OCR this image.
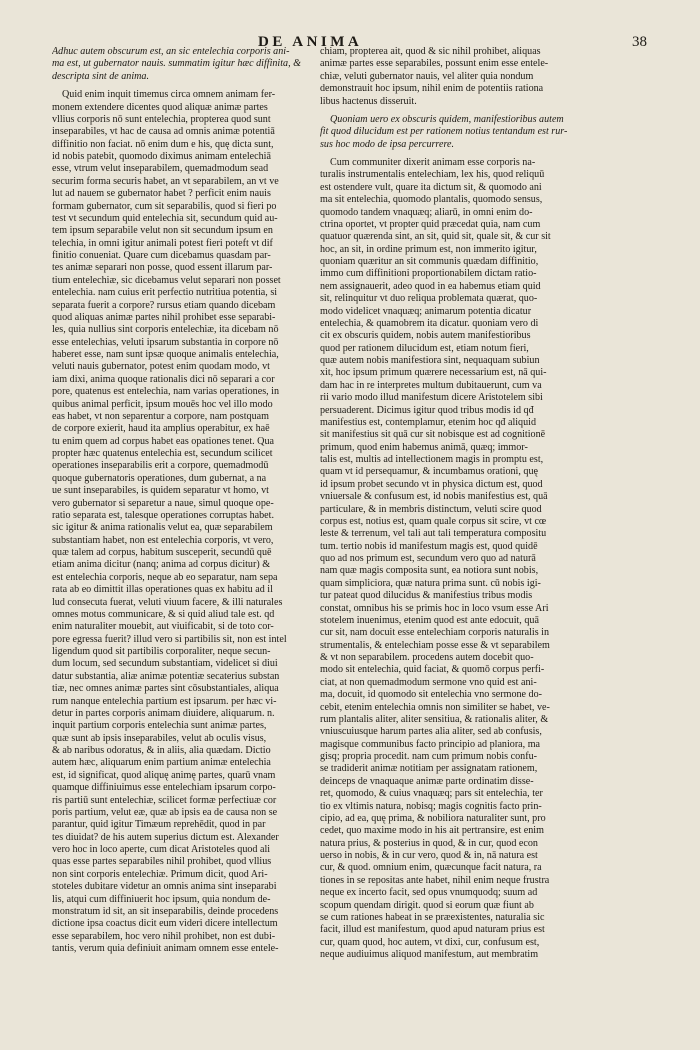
DE ANIMA	38
Adhuc autem obscurum est, an sic entelechia corporis ani-
ma est, ut gubernator nauis. summatim igitur hæc diffinita, &
descripta sint de anima.
Quid enim inquit timemus circa omnem animam fer-
monem extendere dicentes quod aliquæ animæ partes
vllius corporis nō sunt entelechia, propterea quod sunt
inseparabiles, vt hac de causa ad omnis animæ potentiā
diffinitio non faciat. nō enim dum e his, quę dicta sunt,
id nobis patebit, quomodo diximus animam entelechiā
esse, vtrum velut inseparabilem, quemadmodum sead
securim forma securis habet, an vt separabilem, an vt ve
lut ad nauem se gubernator habet ? perficit enim nauis
formam gubernator, cum sit separabilis, quod si fieri po
test vt secundum quid entelechia sit, secundum quid au-
tem ipsum separabile velut non sit secundum ipsum en
telechia, in omni igitur animali potest fieri poteft vt dif
finitio conueniat. Quare cum dicebamus quasdam par-
tes animæ separari non posse, quod essent illarum par-
tium entelechiæ, sic dicebamus velut separari non posset
entelechia. nam cuius erit perfectio nutritiua potentia, si
separata fuerit a corpore? rursus etiam quando dicebam
quod aliquas animæ partes nihil prohibet esse separabi-
les, quia nullius sint corporis entelechiæ, ita dicebam nō
esse entelechias, veluti ipsarum substantia in corpore nō
haberet esse, nam sunt ipsæ quoque animalis entelechia,
veluti nauis gubernator, potest enim quodam modo, vt
iam dixi, anima quoque rationalis dici nō separari a cor
pore, quatenus est entelechia, nam varias operationes, in
quibus animal perficit, ipsum mouēs hoc vel illo modo
eas habet, vt non separentur a corpore, nam postquam
de corpore exierit, haud ita amplius operabitur, ex haē
tu enim quem ad corpus habet eas opationes tenet. Qua
propter hæc quatenus entelechia est, secundum scilicet
operationes inseparabilis erit a corpore, quemadmodū
quoque gubernatoris operationes, dum gubernat, a na
ue sunt inseparabiles, is quidem separatur vt homo, vt
vero gubernator si separetur a naue, simul quoque ope-
ratio separata est, talesque operationes corruptas habet.
sic igitur & anima rationalis velut ea, quæ separabilem
substantiam habet, non est entelechia corporis, vt vero,
quæ talem ad corpus, habitum susceperit, secundū quē
etiam anima dicitur (nanq; anima ad corpus dicitur) &
est entelechia corporis, neque ab eo separatur, nam sepa
rata ab eo dimittit illas operationes quas ex habitu ad il
lud consecuta fuerat, veluti viuum facere, & illi naturales
omnes motus communicare, & si quid aliud tale est. qd
enim naturaliter mouebit, aut viuificabit, si de toto cor-
pore egressa fuerit? illud vero si partibilis sit, non est intel
ligendum quod sit partibilis corporaliter, neque secun-
dum locum, sed secundum substantiam, videlicet si diui
datur substantia, aliæ animæ potentiæ secaterius substan
tiæ, nec omnes animæ partes sint cōsubstantiales, aliqua
rum nanque entelechia partium est ipsarum. per hæc vi-
detur in partes corporis animam diuidere, aliquarum. n.
inquit partium corporis entelechia sunt animæ partes,
quæ sunt ab ipsis inseparabiles, velut ab oculis visus,
& ab naribus odoratus, & in aliis, alia quædam. Dictio
autem hæc, aliquarum enim partium animæ entelechia
est, id significat, quod aliquę animę partes, quarū vnam
quamque diffiniuimus esse entelechiam ipsarum corpo-
ris partiū sunt entelechiæ, scilicet formæ perfectiuæ cor
poris partium, velut eæ, quæ ab ipsis ea de causa non se
parantur, quid igitur Timæum reprehēdit, quod in par
tes diuidat? de his autem superius dictum est. Alexander
vero hoc in loco aperte, cum dicat Aristoteles quod ali
quas esse partes separabiles nihil prohibet, quod vllius
non sint corporis entelechiæ. Primum dicit, quod Ari-
stoteles dubitare videtur an omnis anima sint inseparabi
lis, atqui cum diffiniuerit hoc ipsum, quia nondum de-
monstratum id sit, an sit inseparabilis, deinde procedens
dictione ipsa coactus dicit eum videri dicere intellectum
esse separabilem, hoc vero nihil prohibet, non est dubi-
tantis, verum quia definiuit animam omnem esse entele-
chiam, propterea ait, quod & sic nihil prohibet, aliquas
animæ partes esse separabiles, possunt enim esse entele-
chiæ, veluti gubernator nauis, vel aliter quia nondum
demonstrauit hoc ipsum, nihil enim de potentiis rationa
libus hactenus disseruit.
Quoniam uero ex obscuris quidem, manifestioribus autem
fit quod dilucidum est per rationem notius tentandum est rur-
sus hoc modo de ipsa percurrere.
Cum communiter dixerit animam esse corporis na-
turalis instrumentalis entelechiam, lex his, quod reliquū
est ostendere vult, quare ita dictum sit, & quomodo ani
ma sit entelechia, quomodo plantalis, quomodo sensus,
quomodo tandem vnaquæq; aliarū, in omni enim do-
ctrina oportet, vt propter quid præcedat quia, nam cum
quatuor quærenda sint, an sit, quid sit, quale sit, & cur sit
hoc, an sit, in ordine primum est, non immerito igitur,
quoniam quæritur an sit communis quædam diffinitio,
immo cum diffinitioni proportionabilem dictam ratio-
nem assignauerit, adeo quod in ea habemus etiam quid
sit, relinquitur vt duo reliqua problemata quærat, quo-
modo videlicet vnaquæq; animarum potentia dicatur
entelechia, & quamobrem ita dicatur. quoniam vero di
cit ex obscuris quidem, nobis autem manifestioribus
quod per rationem dilucidum est, etiam notum fieri,
quæ autem nobis manifestiora sint, nequaquam subiun
xit, hoc ipsum primum quærere necessarium est, nā qui-
dam hac in re interpretes multum dubitauerunt, cum va
rii vario modo illud manifestum dicere Aristotelem sibi
persuaderent. Dicimus igitur quod tribus modis id qđ
manifestius est, contemplamur, etenim hoc qđ aliquid
sit manifestius sit quā cur sit nobisque est ad cognitionē
primum, quod enim habemus animā, quæq; immor-
talis est, multis ad intellectionem magis in promptu est,
quam vt id persequamur, & incumbamus orationi, quę
id ipsum probet secundo vt in physica dictum est, quod
vniuersale & confusum est, id nobis manifestius est, quā
particulare, & in membris distinctum, veluti scire quod
corpus est, notius est, quam quale corpus sit scire, vt cœ
leste & terrenum, vel tali aut tali temperatura compositu
tum. tertio nobis id manifestum magis est, quod quidē
quo ad nos primum est, secundum vero quo ad naturā
nam quæ magis composita sunt, ea notiora sunt nobis,
quam simpliciora, quæ natura prima sunt. cū nobis igi-
tur pateat quod dilucidus & manifestius tribus modis
constat, omnibus his se primis hoc in loco vsum esse Ari
stotelem inuenimus, etenim quod est ante edocuit, quā
cur sit, nam docuit esse entelechiam corporis naturalis in
strumentalis, & entelechiam posse esse & vt separabilem
& vt non separabilem. procedens autem docebit quo-
modo sit entelechia, quid faciat, & quomō corpus perfi-
ciat, at non quemadmodum sermone vno quid est ani-
ma, docuit, id quomodo sit entelechia vno sermone do-
cebit, etenim entelechia omnis non similiter se habet, ve-
rum plantalis aliter, aliter sensitiua, & rationalis aliter, &
vniuscuiusque harum partes alia aliter, sed ab confusis,
magisque communibus facto principio ad planiora, ma
gisq; propria procedit. nam cum primum nobis confu-
se tradiderit animæ notitiam per assignatam rationem,
deinceps de vnaquaque animæ parte ordinatim disse-
ret, quomodo, & cuius vnaquæq; pars sit entelechia, ter
tio ex vltimis natura, nobisq; magis cognitis facto prin-
cipio, ad ea, quę prima, & nobiliora naturaliter sunt, pro
cedet, quo maxime modo in his ait pertransire, est enim
natura prius, & posterius in quod, & in cur, quod econ
uerso in nobis, & in cur vero, quod & in, nā natura est
cur, & quod. omnium enim, quæcunque facit natura, ra
tiones in se repositas ante habet, nihil enim neque frustra
neque ex incerto facit, sed opus vnumquodq; suum ad
scopum quendam dirigit. quod si eorum quæ fiunt ab
se cum rationes habeat in se præexistentes, naturalia sic
facit, illud est manifestum, quod apud naturam prius est
cur, quam quod, hoc autem, vt dixi, cur, confusum est,
neque audiuimus aliquod manifestum, aut membratim
